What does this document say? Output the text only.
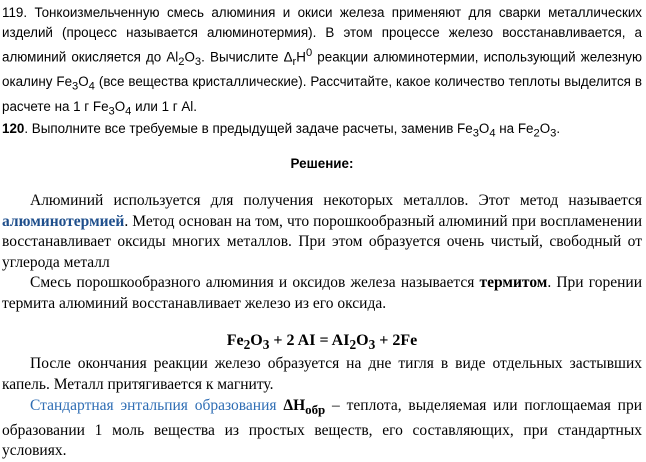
119. Тонкоизмельченную смесь алюминия и окиси железа применяют для сварки металлических изделий (процесс называется алюминотермия). В этом процессе железо восстанавливается, а алюминий окисляется до $Al_2O_3$. Вычислите $\Delta_rH^0$ реакции алюминотермии, использующий железную окалину $Fe_3O_4$ (все вещества кристаллические). Рассчитайте, какое количество теплоты выделится в расчете на 1 г $Fe_3O_4$ или 1 г Al.

120. Выполните все требуемые в предыдущей задаче расчеты, заменив $Fe_3O_4$ на $Fe_2O_3$.

Решение:

Алюминий используется для получения некоторых металлов. Этот метод называется алюминотермией. Метод основан на том, что порошкообразный алюминий при воспламенении восстанавливает оксиды многих металлов. При этом образуется очень чистый, свободный от углерода металл

Смесь порошкообразного алюминия и оксидов железа называется термитом. При горении термита алюминий восстанавливает железо из его оксида.

$Fe_2O_3 + 2$ AI = $AI_2O_3 + 2Fe$

После окончания реакции железо образуется на дне тигля в виде отдельных застывших капель. Металл притягивается к магниту.

Стандартная энтальпия образования $\Delta H_{обр}$ – теплота, выделяемая или поглощаемая при образовании 1 моль вещества из простых веществ, его составляющих, при стандартных условиях.
